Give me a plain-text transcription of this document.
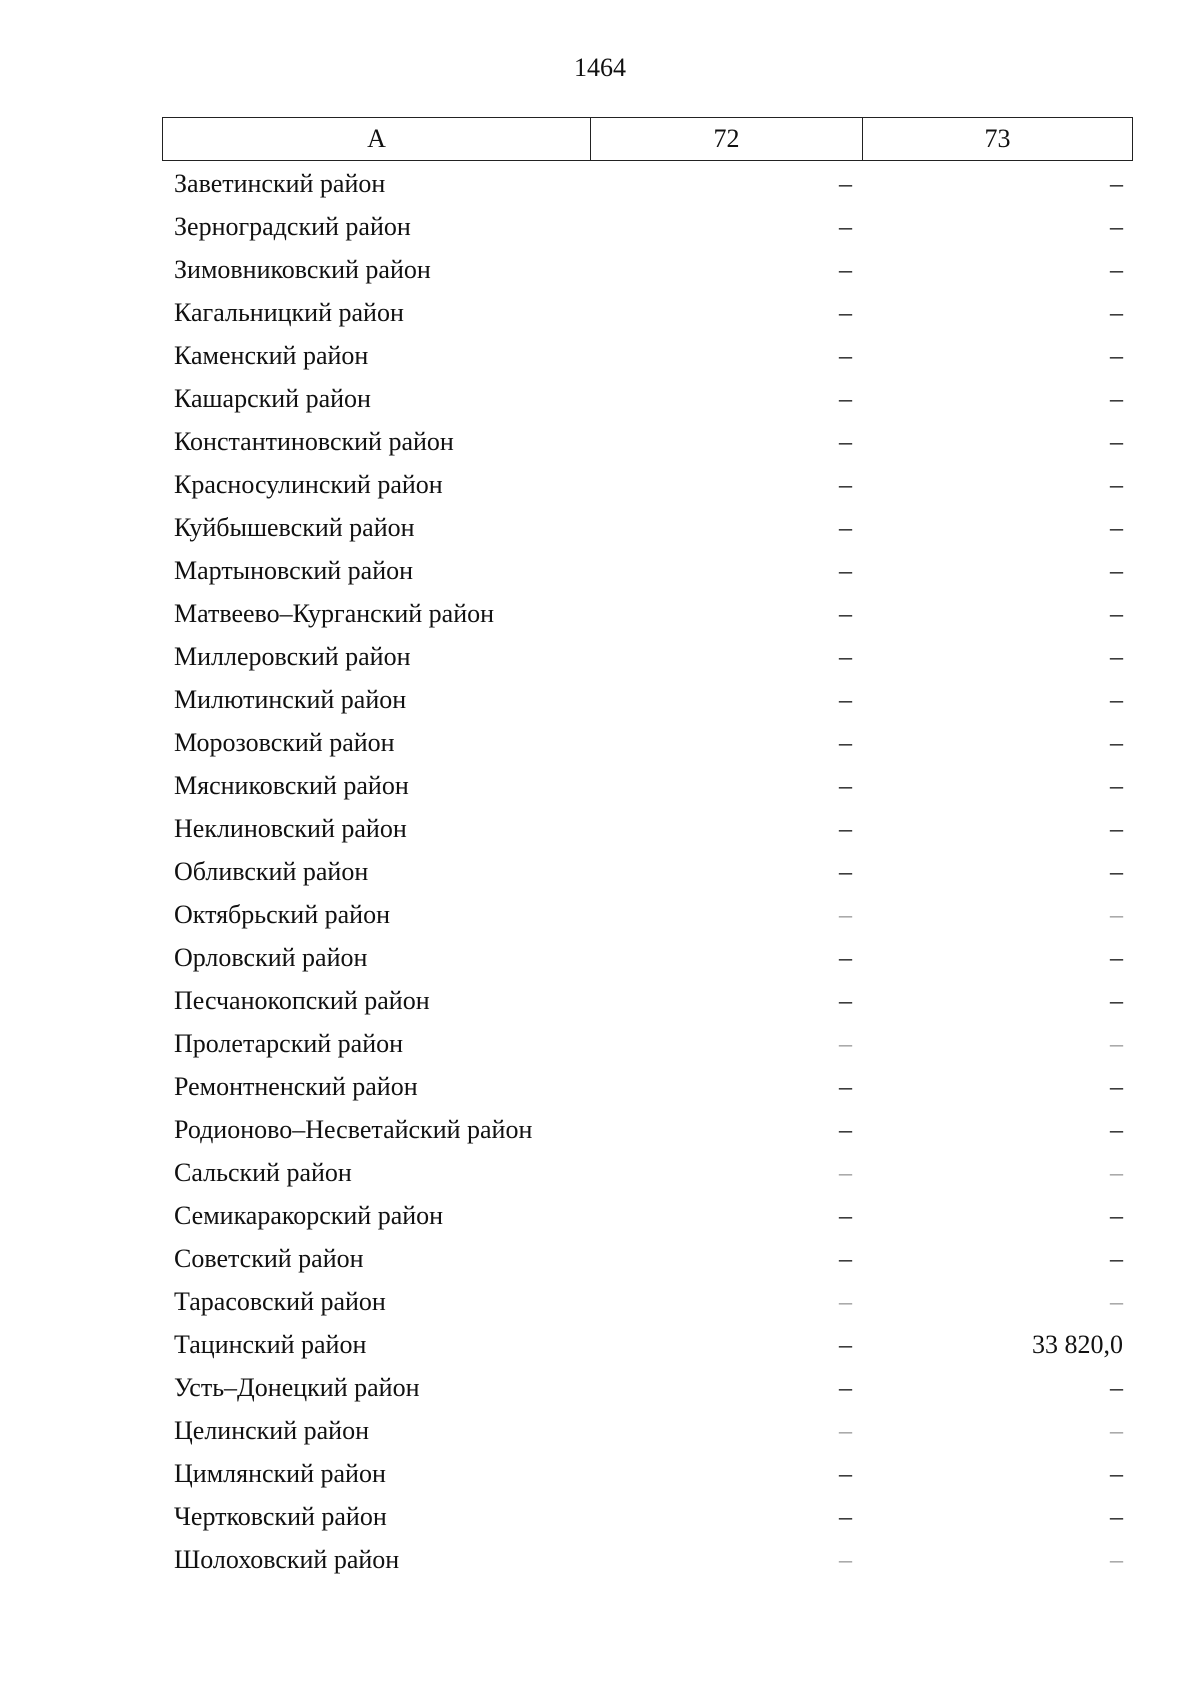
1464
А	72	73
Заветинский район	–	–
Зерноградский район	–	–
Зимовниковский район	–	–
Кагальницкий район	–	–
Каменский район	–	–
Кашарский район	–	–
Константиновский район	–	–
Красносулинский район	–	–
Куйбышевский район	–	–
Мартыновский район	–	–
Матвеево–Курганский район	–	–
Миллеровский район	–	–
Милютинский район	–	–
Морозовский район	–	–
Мясниковский район	–	–
Неклиновский район	–	–
Обливский район	–	–
Октябрьский район	–	–
Орловский район	–	–
Песчанокопский район	–	–
Пролетарский район	–	–
Ремонтненский район	–	–
Родионово–Несветайский район	–	–
Сальский район	–	–
Семикаракорский район	–	–
Советский район	–	–
Тарасовский район	–	–
Тацинский район	–	33 820,0
Усть–Донецкий район	–	–
Целинский район	–	–
Цимлянский район	–	–
Чертковский район	–	–
Шолоховский район	–	–
